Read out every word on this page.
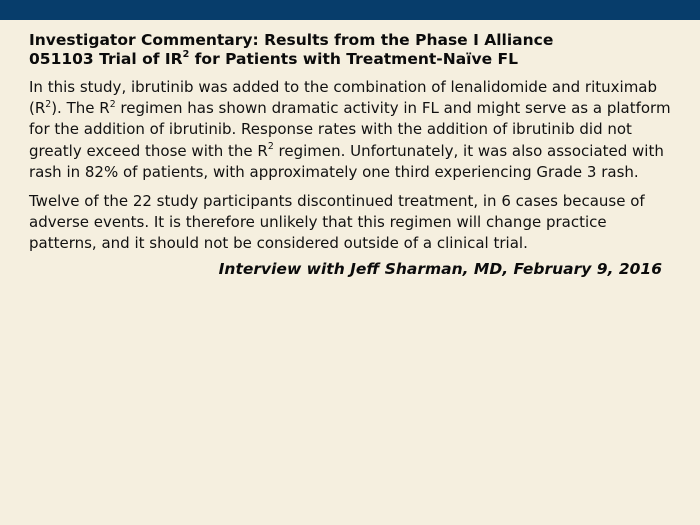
Investigator Commentary: Results from the Phase I Alliance
051103 Trial of $IR^2$ for Patients with Treatment-Naïve FL

In this study, ibrutinib was added to the combination of lenalidomide and rituximab $(R^2)$. The $R^2$ regimen has shown dramatic activity in FL and might serve as a platform for the addition of ibrutinib. Response rates with the addition of ibrutinib did not greatly exceed those with the $R^2$ regimen. Unfortunately, it was also associated with rash in 82% of patients, with approximately one third experiencing Grade 3 rash.

Twelve of the 22 study participants discontinued treatment, in 6 cases because of adverse events. It is therefore unlikely that this regimen will change practice patterns, and it should not be considered outside of a clinical trial.

Interview with Jeff Sharman, MD, February 9, 2016
